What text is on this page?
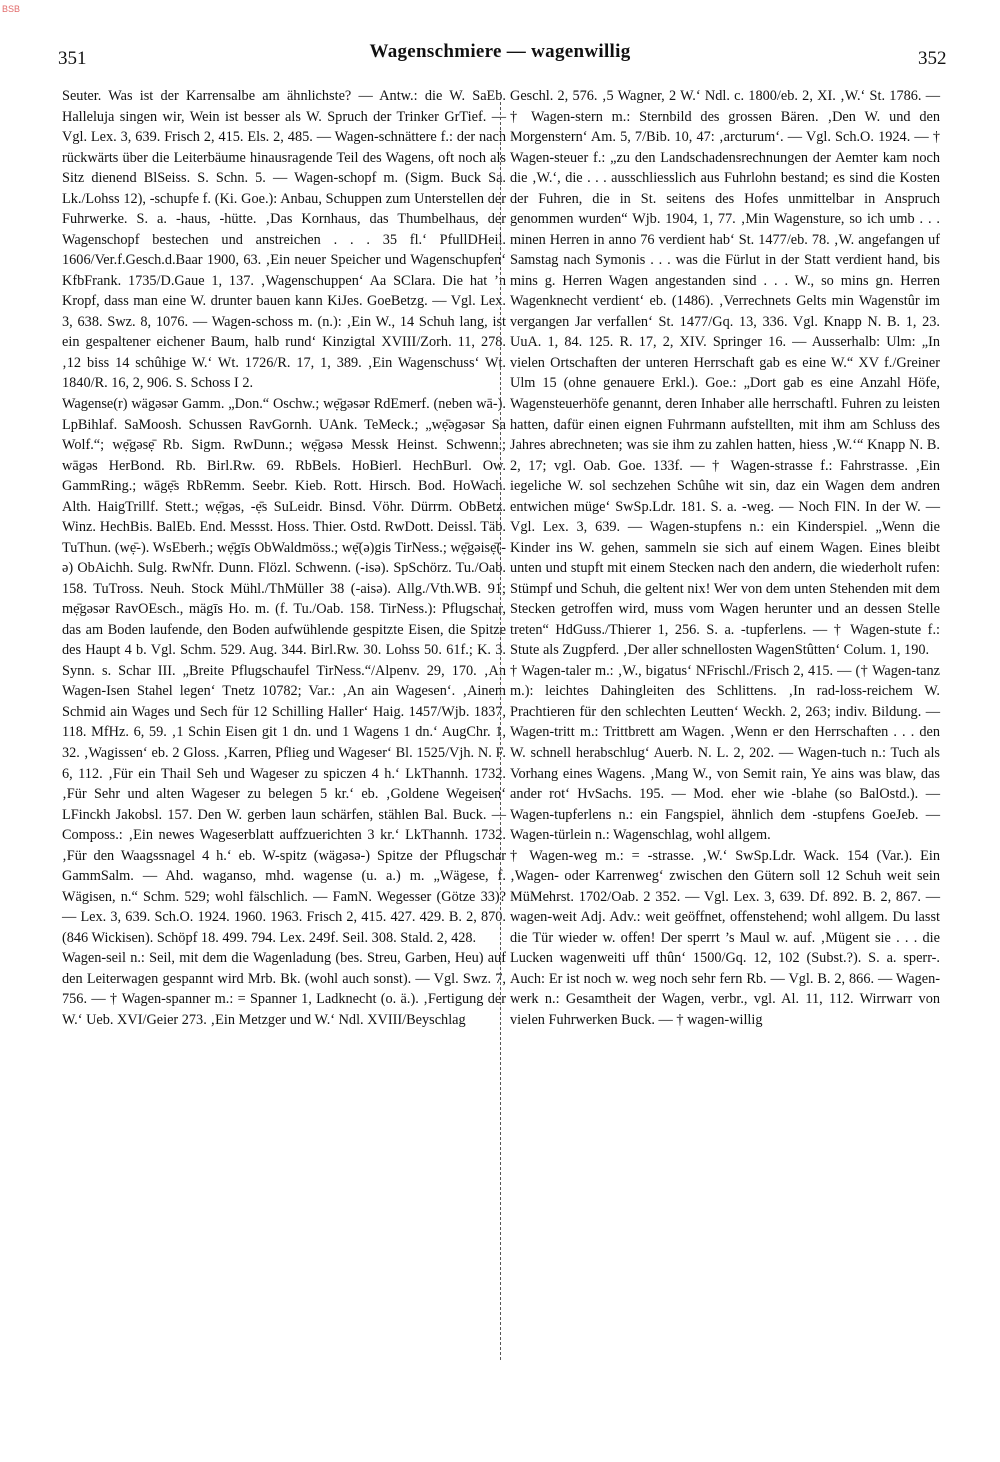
BSB
351	Wagenschmiere — wagenwillig	352

Seuter. Was ist der Karrensalbe am ähnlichste? — Antw.: die W. SaEb. Halleluja singen wir, Wein ist besser als W. Spruch der Trinker GrTief. — Vgl. Lex. 3, 639. Frisch 2, 415. Els. 2, 485. — Wagen-schnättere f.: der nach rückwärts über die Leiterbäume hinausragende Teil des Wagens, oft noch als Sitz dienend BlSeiss. S. Schn. 5. — Wagen-schopf m. (Sigm. Buck Sa. Lk./Lohss 12), -schupfe f. (Ki. Goe.): Anbau, Schuppen zum Unterstellen der Fuhrwerke. S. a. -haus, -hütte. ‚Das Kornhaus, das Thumbelhaus, der Wagenschopf bestechen und anstreichen . . . 35 fl.‘ PfullDHeil. 1606/Ver.f.Gesch.d.Baar 1900, 63. ‚Ein neuer Speicher und Wagenschupfen‘ KfbFrank. 1735/D.Gaue 1, 137. ‚Wagenschuppen‘ Aa SClara. Die hat ’n Kropf, dass man eine W. drunter bauen kann KiJes. GoeBetzg. — Vgl. Lex. 3, 638. Swz. 8, 1076. — Wagen-schoss m. (n.): ‚Ein W., 14 Schuh lang, ist ein gespaltener eichener Baum, halb rund‘ Kinzigtal XVIII/Zorh. 11, 278. ‚12 biss 14 schûhige W.‘ Wt. 1726/R. 17, 1, 389. ‚Ein Wagenschuss‘ Wt. 1840/R. 16, 2, 906. S. Schoss I 2.

Wagense(r) wägəsər Gamm. „Don.“ Oschw.; wẹ̄gəsər RdEmerf. (neben wā-). LpBihlaf. SaMoosh. Schussen RavGornh. UAnk. TeMeck.; „wẹ̄əgəsər Sa Wolf.“; wẹ̄gəsẹ̄ Rb. Sigm. RwDunn.; wẹ̄gəsə Messk Heinst. Schwenn.; wāgəs HerBond. Rb. Birl.Rw. 69. RbBels. HoBierl. HechBurl. Ow. GammRing.; wāgẹ̄s RbRemm. Seebr. Kieb. Rott. Hirsch. Bod. HoWach. Alth. HaigTrillf. Stett.; wẹ̄gəs, -ẹ̄s SuLeidr. Binsd. Vöhr. Dürrm. ObBetz. Winz. HechBis. BalEb. End. Messst. Hoss. Thier. Ostd. RwDott. Deissl. Täb. TuThun. (wẹ̄-). WsEberh.; wẹ̄gīs ObWaldmöss.; wẹ̄(ə)gis TirNess.; wẹ̄gəisẹ̄(-ə) ObAichh. Sulg. RwNfr. Dunn. Flözl. Schwenn. (-isə). SpSchörz. Tu./Oab. 158. TuTross. Neuh. Stock Mühl./ThMüller 38 (-aisə). Allg./Vth.WB. 91; mẹ̄gəsər RavOEsch., mägīs Ho. m. (f. Tu./Oab. 158. TirNess.): Pflugschar, das am Boden laufende, den Boden aufwühlende gespitzte Eisen, die Spitze des Haupt 4 b. Vgl. Schm. 529. Aug. 344. Birl.Rw. 30. Lohss 50. 61f.; K. 3. Synn. s. Schar III. „Breite Pflugschaufel TirNess.“/Alpenv. 29, 170. ‚An Wagen-Isen Stahel legen‘ Tnetz 10782; Var.: ‚An ain Wagesen‘. ‚Ainem Schmid ain Wages und Sech für 12 Schilling Haller‘ Haig. 1457/Wjb. 1837, 118. MfHz. 6, 59. ‚1 Schin Eisen git 1 dn. und 1 Wagens 1 dn.‘ AugChr. 1, 32. ‚Wagissen‘ eb. 2 Gloss. ‚Karren, Pflieg und Wageser‘ Bl. 1525/Vjh. N. F. 6, 112. ‚Für ein Thail Seh und Wageser zu spiczen 4 h.‘ LkThannh. 1732. ‚Für Sehr und alten Wageser zu belegen 5 kr.‘ eb. ‚Goldene Wegeisen‘ LFinckh Jakobsl. 157. Den W. gerben laun schärfen, stählen Bal. Buck. — Composs.: ‚Ein newes Wageserblatt auffzuerichten 3 kr.‘ LkThannh. 1732. ‚Für den Waagssnagel 4 h.‘ eb. W-spitz (wägəsə-) Spitze der Pflugschar GammSalm. — Ahd. waganso, mhd. wagense (u. a.) m. „Wägese, f. Wägisen, n.“ Schm. 529; wohl fälschlich. — FamN. Wegesser (Götze 33)? — Lex. 3, 639. Sch.O. 1924. 1960. 1963. Frisch 2, 415. 427. 429. B. 2, 870. (846 Wickisen). Schöpf 18. 499. 794. Lex. 249f. Seil. 308. Stald. 2, 428.

Wagen-seil n.: Seil, mit dem die Wagenladung (bes. Streu, Garben, Heu) auf den Leiterwagen gespannt wird Mrb. Bk. (wohl auch sonst). — Vgl. Swz. 7, 756. — † Wagen-spanner m.: = Spanner 1, Ladknecht (o. ä.). ‚Fertigung der W.‘ Ueb. XVI/Geier 273. ‚Ein Metzger und W.‘ Ndl. XVIII/Beyschlag

Geschl. 2, 576. ‚5 Wagner, 2 W.‘ Ndl. c. 1800/eb. 2, XI. ‚W.‘ St. 1786. — † Wagen-stern m.: Sternbild des grossen Bären. ‚Den W. und den Morgenstern‘ Am. 5, 7/Bib. 10, 47: ‚arcturum‘. — Vgl. Sch.O. 1924. — † Wagen-steuer f.: „zu den Landschadensrechnungen der Aemter kam noch die ‚W.‘, die . . . ausschliesslich aus Fuhrlohn bestand; es sind die Kosten der Fuhren, die in St. seitens des Hofes unmittelbar in Anspruch genommen wurden“ Wjb. 1904, 1, 77. ‚Min Wagensture, so ich umb . . . minen Herren in anno 76 verdient hab‘ St. 1477/eb. 78. ‚W. angefangen uf Samstag nach Symonis . . . was die Fürlut in der Statt verdient hand, bis mins g. Herren Wagen angestanden sind . . . W., so mins gn. Herren Wagenknecht verdient‘ eb. (1486). ‚Verrechnets Gelts min Wagenstûr im vergangen Jar verfallen‘ St. 1477/Gq. 13, 336. Vgl. Knapp N. B. 1, 23. UuA. 1, 84. 125. R. 17, 2, XIV. Springer 16. — Ausserhalb: Ulm: „In vielen Ortschaften der unteren Herrschaft gab es eine W.“ XV f./Greiner Ulm 15 (ohne genauere Erkl.). Goe.: „Dort gab es eine Anzahl Höfe, Wagensteuerhöfe genannt, deren Inhaber alle herrschaftl. Fuhren zu leisten hatten, dafür einen eignen Fuhrmann aufstellten, mit ihm am Schluss des Jahres abrechneten; was sie ihm zu zahlen hatten, hiess ‚W.‘“ Knapp N. B. 2, 17; vgl. Oab. Goe. 133f. — † Wagen-strasse f.: Fahrstrasse. ‚Ein iegeliche W. sol sechzehen Schûhe wit sin, daz ein Wagen dem andren entwichen müge‘ SwSp.Ldr. 181. S. a. -weg. — Noch FlN. In der W. — Vgl. Lex. 3, 639. — Wagen-stupfens n.: ein Kinderspiel. „Wenn die Kinder ins W. gehen, sammeln sie sich auf einem Wagen. Eines bleibt unten und stupft mit einem Stecken nach den andern, die wiederholt rufen: Stümpf und Schuh, die geltent nix! Wer von dem unten Stehenden mit dem Stecken getroffen wird, muss vom Wagen herunter und an dessen Stelle treten“ HdGuss./Thierer 1, 256. S. a. -tupferlens. — † Wagen-stute f.: Stute als Zugpferd. ‚Der aller schnellosten WagenStûtten‘ Colum. 1, 190.

† Wagen-taler m.: ‚W., bigatus‘ NFrischl./Frisch 2, 415. — († Wagen-tanz m.): leichtes Dahingleiten des Schlittens. ‚In rad-loss-reichem W. Prachtieren für den schlechten Leutten‘ Weckh. 2, 263; indiv. Bildung. — Wagen-tritt m.: Trittbrett am Wagen. ‚Wenn er den Herrschaften . . . den W. schnell herabschlug‘ Auerb. N. L. 2, 202. — Wagen-tuch n.: Tuch als Vorhang eines Wagens. ‚Mang W., von Semit rain, Ye ains was blaw, das ander rot‘ HvSachs. 195. — Mod. eher wie -blahe (so BalOstd.). — Wagen-tupferlens n.: ein Fangspiel, ähnlich dem -stupfens GoeJeb. — Wagen-türlein n.: Wagenschlag, wohl allgem.

† Wagen-weg m.: = -strasse. ‚W.‘ SwSp.Ldr. Wack. 154 (Var.). Ein ‚Wagen- oder Karrenweg‘ zwischen den Gütern soll 12 Schuh weit sein MüMehrst. 1702/Oab. 2 352. — Vgl. Lex. 3, 639. Df. 892. B. 2, 867. — wagen-weit Adj. Adv.: weit geöffnet, offenstehend; wohl allgem. Du lasst die Tür wieder w. offen! Der sperrt ’s Maul w. auf. ‚Mügent sie . . . die Lucken wagenweiti uff thûn‘ 1500/Gq. 12, 102 (Subst.?). S. a. sperr-. Auch: Er ist noch w. weg noch sehr fern Rb. — Vgl. B. 2, 866. — Wagen-werk n.: Gesamtheit der Wagen, verbr., vgl. Al. 11, 112. Wirrwarr von vielen Fuhrwerken Buck. — † wagen-willig
